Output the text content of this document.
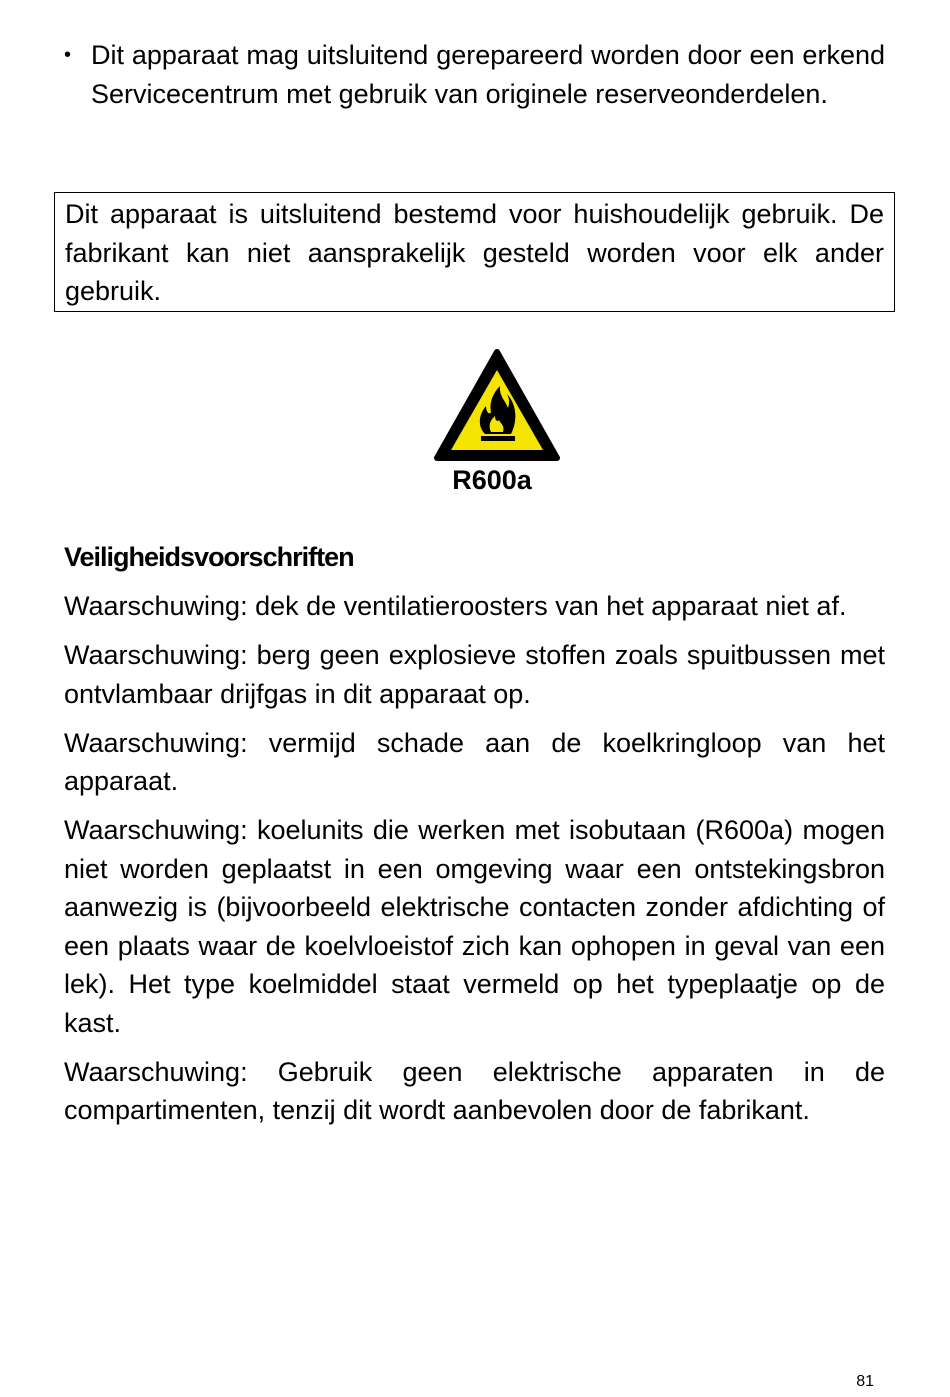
• Dit apparaat mag uitsluitend gerepareerd worden door een erkend Servicecentrum met gebruik van originele reserveonderdelen.

Dit apparaat is uitsluitend bestemd voor huishoudelijk gebruik. De fabrikant kan niet aansprakelijk gesteld worden voor elk ander gebruik.

R600a
Veiligheidsvoorschriften

Waarschuwing: dek de ventilatieroosters van het apparaat niet af.

Waarschuwing: berg geen explosieve stoffen zoals spuitbussen met ontvlambaar drijfgas in dit apparaat op.

Waarschuwing: vermijd schade aan de koelkringloop van het apparaat.

Waarschuwing: koelunits die werken met isobutaan (R600a) mogen niet worden geplaatst in een omgeving waar een ontstekingsbron aanwezig is (bijvoorbeeld elektrische contacten zonder afdichting of een plaats waar de koelvloeistof zich kan ophopen in geval van een lek). Het type koelmiddel staat vermeld op het typeplaatje op de kast.

Waarschuwing: Gebruik geen elektrische apparaten in de compartimenten, tenzij dit wordt aanbevolen door de fabrikant.

81
